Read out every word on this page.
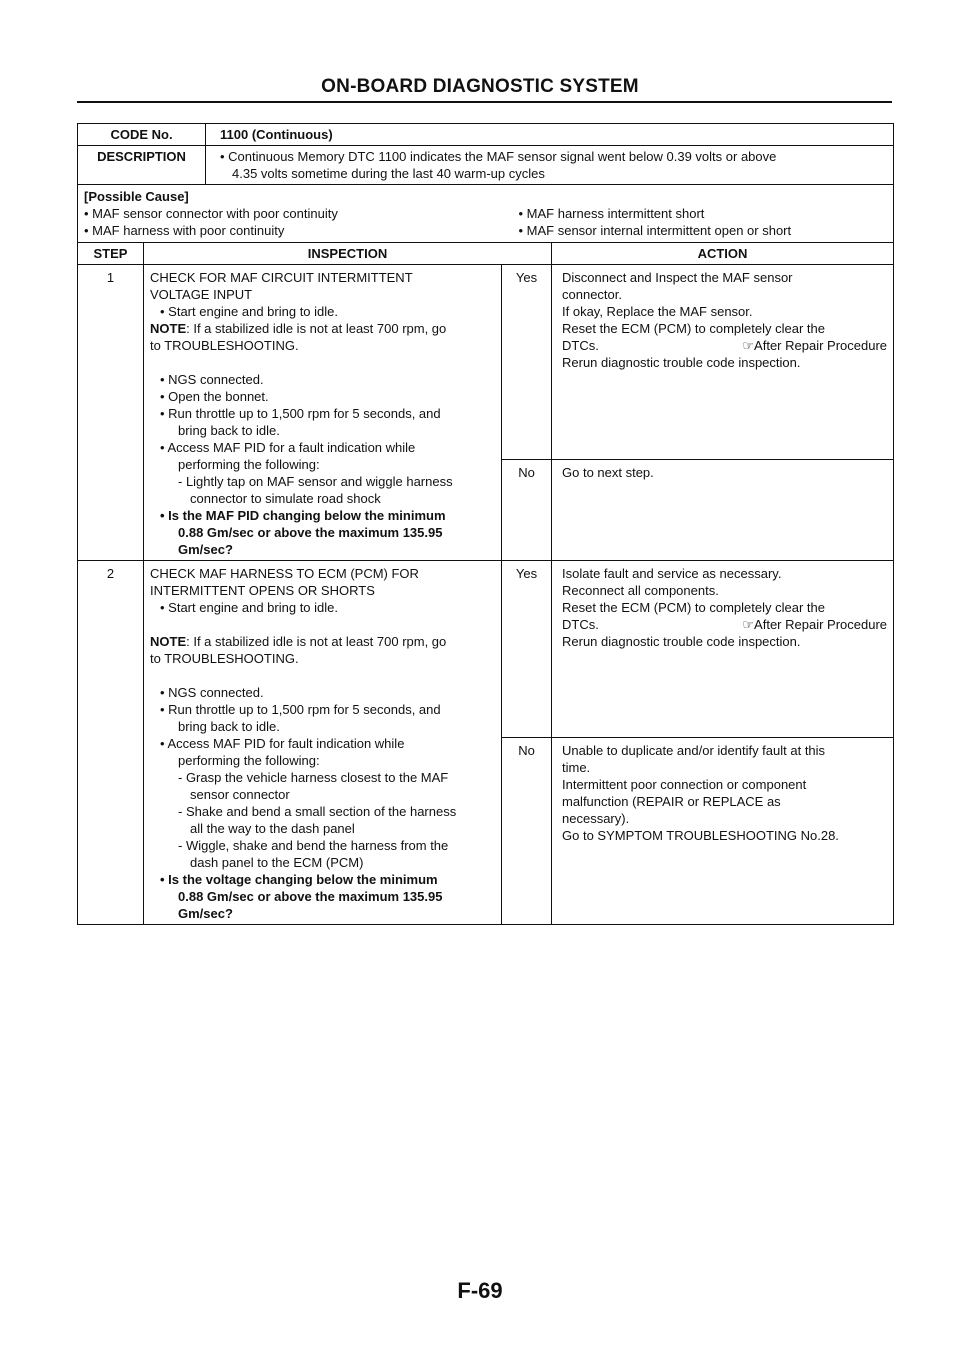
ON-BOARD DIAGNOSTIC SYSTEM
CODE No.	1100 (Continuous)
DESCRIPTION	• Continuous Memory DTC 1100 indicates the MAF sensor signal went below 0.39 volts or above
4.35 volts sometime during the last 40 warm-up cycles
[Possible Cause]
• MAF sensor connector with poor continuity
• MAF harness with poor continuity
• MAF harness intermittent short
• MAF sensor internal intermittent open or short
STEP	INSPECTION	ACTION
1	CHECK FOR MAF CIRCUIT INTERMITTENT
VOLTAGE INPUT
• Start engine and bring to idle.
NOTE: If a stabilized idle is not at least 700 rpm, go
to TROUBLESHOOTING.
• NGS connected.
• Open the bonnet.
• Run throttle up to 1,500 rpm for 5 seconds, and
bring back to idle.
• Access MAF PID for a fault indication while
performing the following:
- Lightly tap on MAF sensor and wiggle harness
connector to simulate road shock
• Is the MAF PID changing below the minimum
0.88 Gm/sec or above the maximum 135.95
Gm/sec?
Yes	Disconnect and Inspect the MAF sensor
connector.
If okay, Replace the MAF sensor.
Reset the ECM (PCM) to completely clear the
DTCs.	☞After Repair Procedure
Rerun diagnostic trouble code inspection.
No	Go to next step.
2	CHECK MAF HARNESS TO ECM (PCM) FOR
INTERMITTENT OPENS OR SHORTS
• Start engine and bring to idle.
NOTE: If a stabilized idle is not at least 700 rpm, go
to TROUBLESHOOTING.
• NGS connected.
• Run throttle up to 1,500 rpm for 5 seconds, and
bring back to idle.
• Access MAF PID for fault indication while
performing the following:
- Grasp the vehicle harness closest to the MAF
sensor connector
- Shake and bend a small section of the harness
all the way to the dash panel
- Wiggle, shake and bend the harness from the
dash panel to the ECM (PCM)
• Is the voltage changing below the minimum
0.88 Gm/sec or above the maximum 135.95
Gm/sec?
Yes	Isolate fault and service as necessary.
Reconnect all components.
Reset the ECM (PCM) to completely clear the
DTCs.	☞After Repair Procedure
Rerun diagnostic trouble code inspection.
No	Unable to duplicate and/or identify fault at this
time.
Intermittent poor connection or component
malfunction (REPAIR or REPLACE as
necessary).
Go to SYMPTOM TROUBLESHOOTING No.28.
F-69
